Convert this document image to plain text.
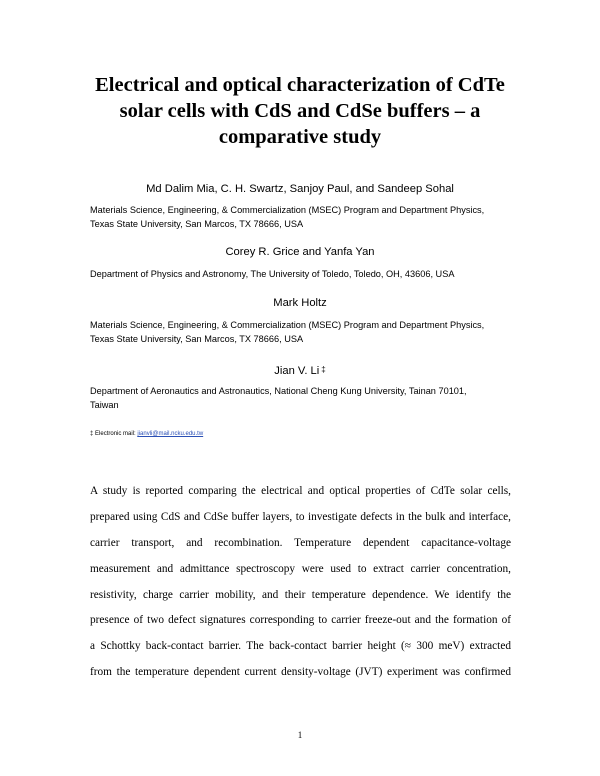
Electrical and optical characterization of CdTe
solar cells with CdS and CdSe buffers – a
comparative study

Md Dalim Mia, C. H. Swartz, Sanjoy Paul, and Sandeep Sohal

Materials Science, Engineering, & Commercialization (MSEC) Program and Department Physics,
Texas State University, San Marcos, TX 78666, USA

Corey R. Grice and Yanfa Yan

Department of Physics and Astronomy, The University of Toledo, Toledo, OH, 43606, USA

Mark Holtz

Materials Science, Engineering, & Commercialization (MSEC) Program and Department Physics,
Texas State University, San Marcos, TX 78666, USA

Jian V. Li ‡

Department of Aeronautics and Astronautics, National Cheng Kung University, Tainan 70101,
Taiwan

‡ Electronic mail: jianvli@mail.ncku.edu.tw

A study is reported comparing the electrical and optical properties of CdTe solar cells,
prepared using CdS and CdSe buffer layers, to investigate defects in the bulk and interface,
carrier transport, and recombination. Temperature dependent capacitance-voltage
measurement and admittance spectroscopy were used to extract carrier concentration,
resistivity, charge carrier mobility, and their temperature dependence. We identify the
presence of two defect signatures corresponding to carrier freeze-out and the formation of
a Schottky back-contact barrier. The back-contact barrier height (≈ 300 meV) extracted
from the temperature dependent current density-voltage (JVT) experiment was confirmed

1
